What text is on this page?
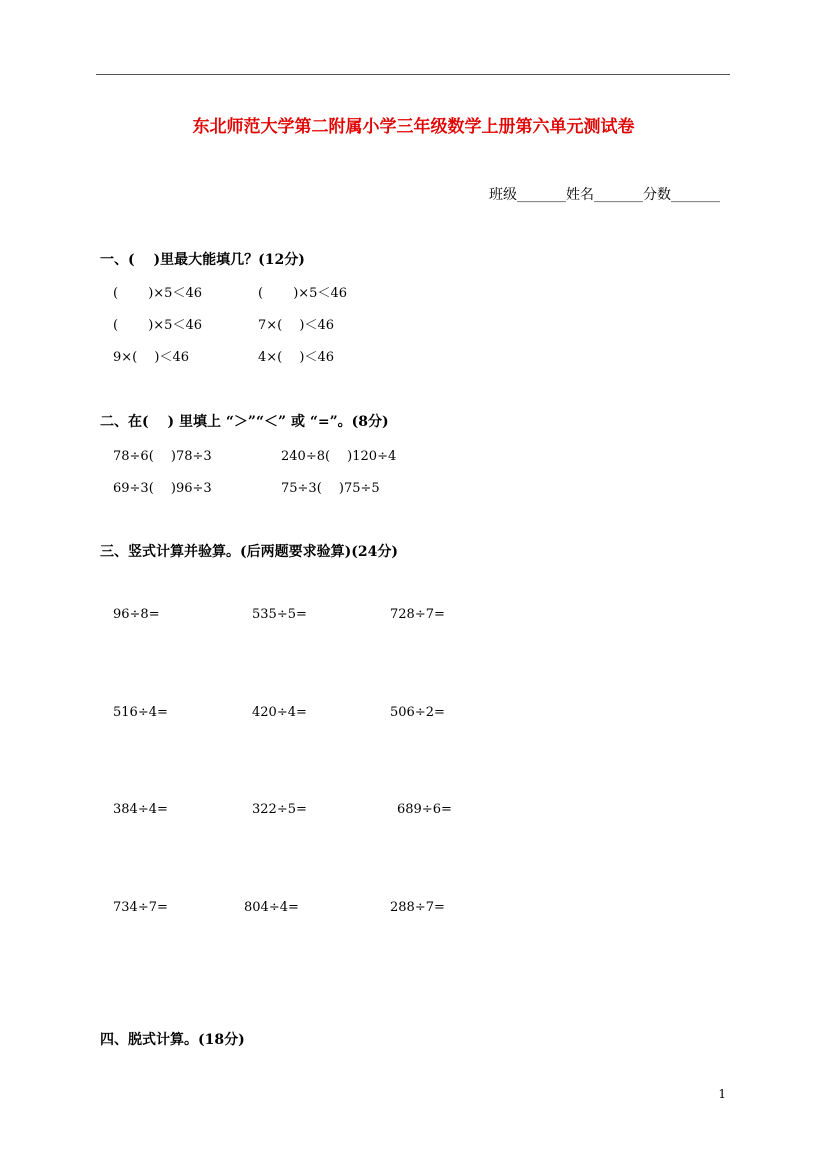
东北师范大学第二附属小学三年级数学上册第六单元测试卷
班级_______姓名_______分数_______
一、(　 )里最大能填几？(12分)
(　　 )×5＜46	(　　 )×5＜46
(　　 )×5＜46	7×(　 )＜46
9×(　 )＜46	4×(　 )＜46
二、在(　 ) 里填上 “＞”“＜” 或 “=”。(8分)
78÷6(　 )78÷3	240÷8(　 )120÷4
69÷3(　 )96÷3	75÷3(　 )75÷5
三、竖式计算并验算。(后两题要求验算)(24分)
96÷8=	535÷5=	728÷7=
516÷4=	420÷4=	506÷2=
384÷4=	322÷5=	689÷6=
734÷7=	804÷4=	288÷7=
四、脱式计算。(18分)
1
